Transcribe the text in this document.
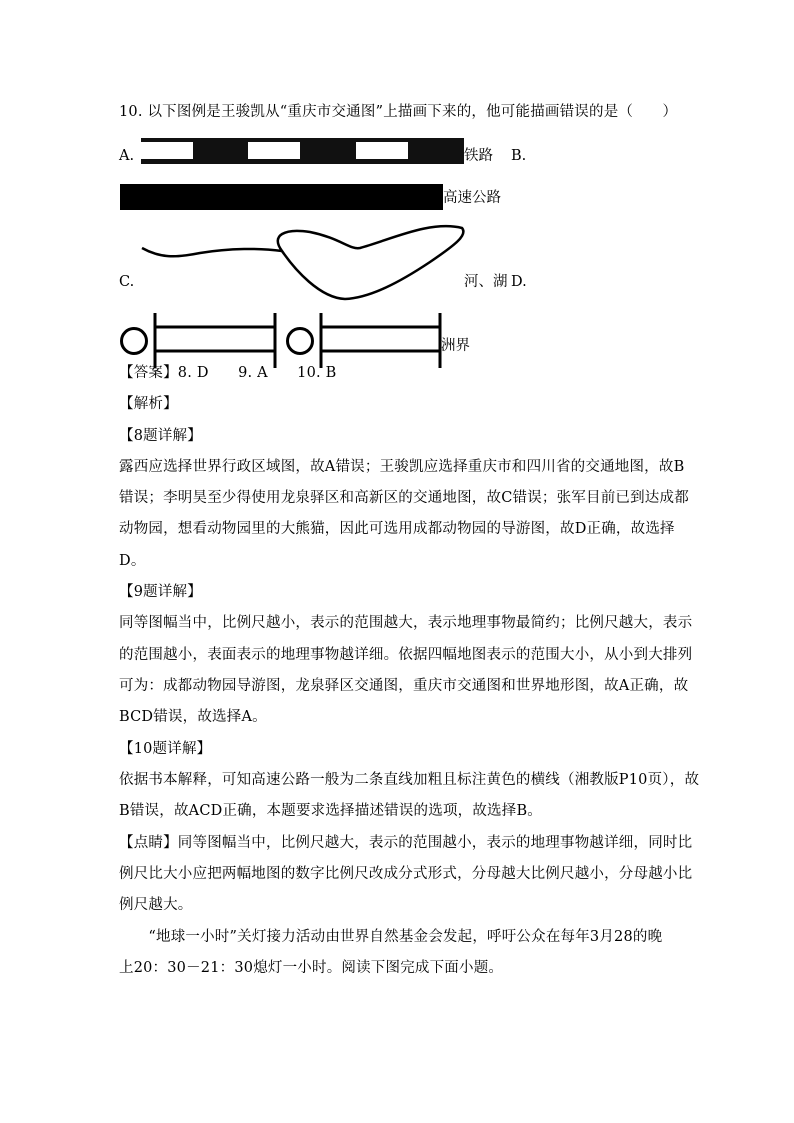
10. 以下图例是王骏凯从“重庆市交通图”上描画下来的，他可能描画错误的是（　　）
A.	铁路 B.
高速公路
C.	河、湖 D.
洲界
【答案】8. D　　9. A　　10. B
【解析】
【8题详解】
露西应选择世界行政区域图，故A错误；王骏凯应选择重庆市和四川省的交通地图，故B
错误；李明昊至少得使用龙泉驿区和高新区的交通地图，故C错误；张军目前已到达成都
动物园，想看动物园里的大熊猫，因此可选用成都动物园的导游图，故D正确，故选择
D。
【9题详解】
同等图幅当中，比例尺越小，表示的范围越大，表示地理事物最简约；比例尺越大，表示
的范围越小，表面表示的地理事物越详细。依据四幅地图表示的范围大小，从小到大排列
可为：成都动物园导游图，龙泉驿区交通图，重庆市交通图和世界地形图，故A正确，故
BCD错误，故选择A。
【10题详解】
依据书本解释，可知高速公路一般为二条直线加粗且标注黄色的横线（湘教版P10页），故
B错误，故ACD正确，本题要求选择描述错误的选项，故选择B。
【点睛】同等图幅当中，比例尺越大，表示的范围越小，表示的地理事物越详细，同时比
例尺比大小应把两幅地图的数字比例尺改成分式形式，分母越大比例尺越小，分母越小比
例尺越大。
　　“地球一小时”关灯接力活动由世界自然基金会发起，呼吁公众在每年3月28的晚
上20：30－21：30熄灯一小时。阅读下图完成下面小题。
